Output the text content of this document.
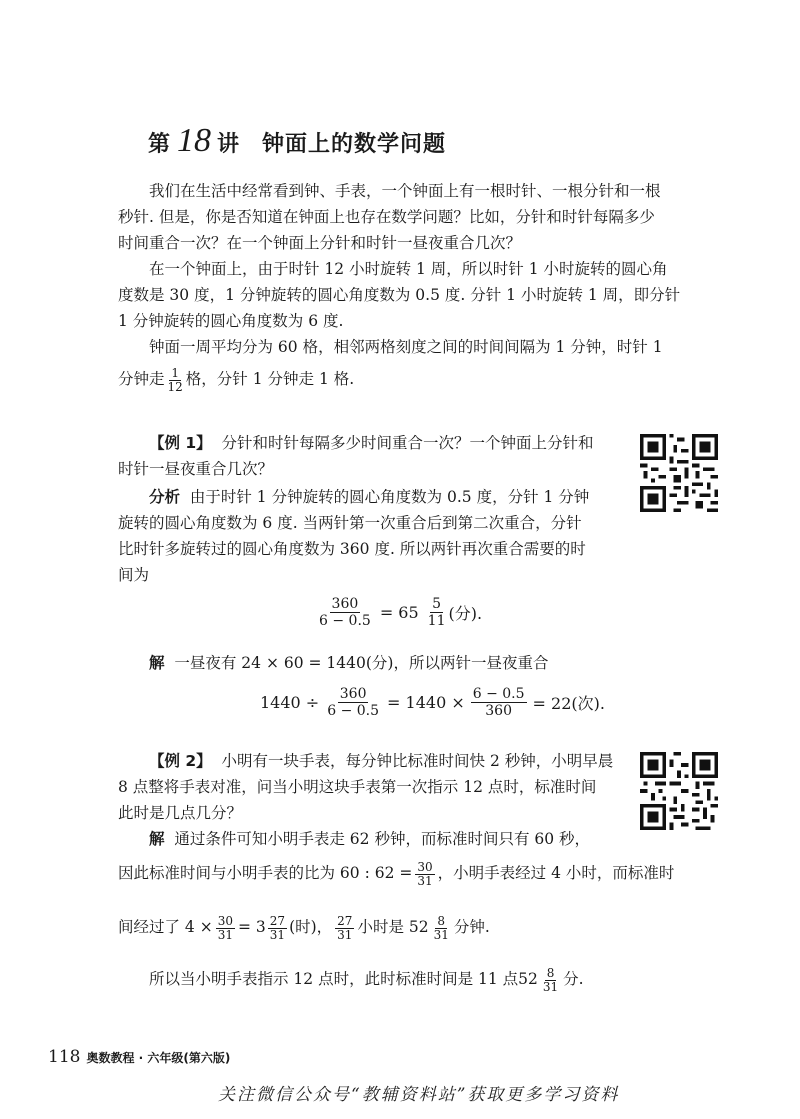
第 18 讲 钟面上的数学问题

我们在生活中经常看到钟、手表，一个钟面上有一根时针、一根分针和一根
秒针. 但是，你是否知道在钟面上也存在数学问题？比如，分针和时针每隔多少
时间重合一次？在一个钟面上分针和时针一昼夜重合几次？

在一个钟面上，由于时针 12 小时旋转 1 周，所以时针 1 小时旋转的圆心角
度数是 30 度，1 分钟旋转的圆心角度数为 0.5 度. 分针 1 小时旋转 1 周，即分针
1 分钟旋转的圆心角度数为 6 度.

钟面一周平均分为 60 格，相邻两格刻度之间的时间间隔为 1 分钟，时针 1
分钟走 $\frac{1}{12}$ 格，分针 1 分钟走 1 格.

【例 1】 分针和时针每隔多少时间重合一次？一个钟面上分针和
时针一昼夜重合几次？

分析 由于时针 1 分钟旋转的圆心角度数为 0.5 度，分针 1 分钟
旋转的圆心角度数为 6 度. 当两针第一次重合后到第二次重合，分针
比时针多旋转过的圆心角度数为 360 度. 所以两针再次重合需要的时
间为

$\frac{360}{6 - 0.5} = 65 \frac{5}{11}$ (分).

解 一昼夜有 24 × 60 = 1440(分)，所以两针一昼夜重合

$1440 \div \frac{360}{6 - 0.5} = 1440 \times \frac{6 - 0.5}{360} = 22$(次).

【例 2】 小明有一块手表，每分钟比标准时间快 2 秒钟，小明早晨
8 点整将手表对准，问当小明这块手表第一次指示 12 点时，标准时间
此时是几点几分？

解 通过条件可知小明手表走 62 秒钟，而标准时间只有 60 秒，

因此标准时间与小明手表的比为 60 : $62 = \frac{30}{31}$ ，小明手表经过 4 小时，而标准时
间经过了 $4 \times \frac{30}{31} = 3 \frac{27}{31}$ (时)， $\frac{27}{31}$ 小时是 $52 \frac{8}{31}$ 分钟.
所以当小明手表指示 12 点时，此时标准时间是 11 点$52 \frac{8}{31}$ 分.
118 奥数教程 · 六年级(第六版)
关注微信公众号“教辅资料站”获取更多学习资料
